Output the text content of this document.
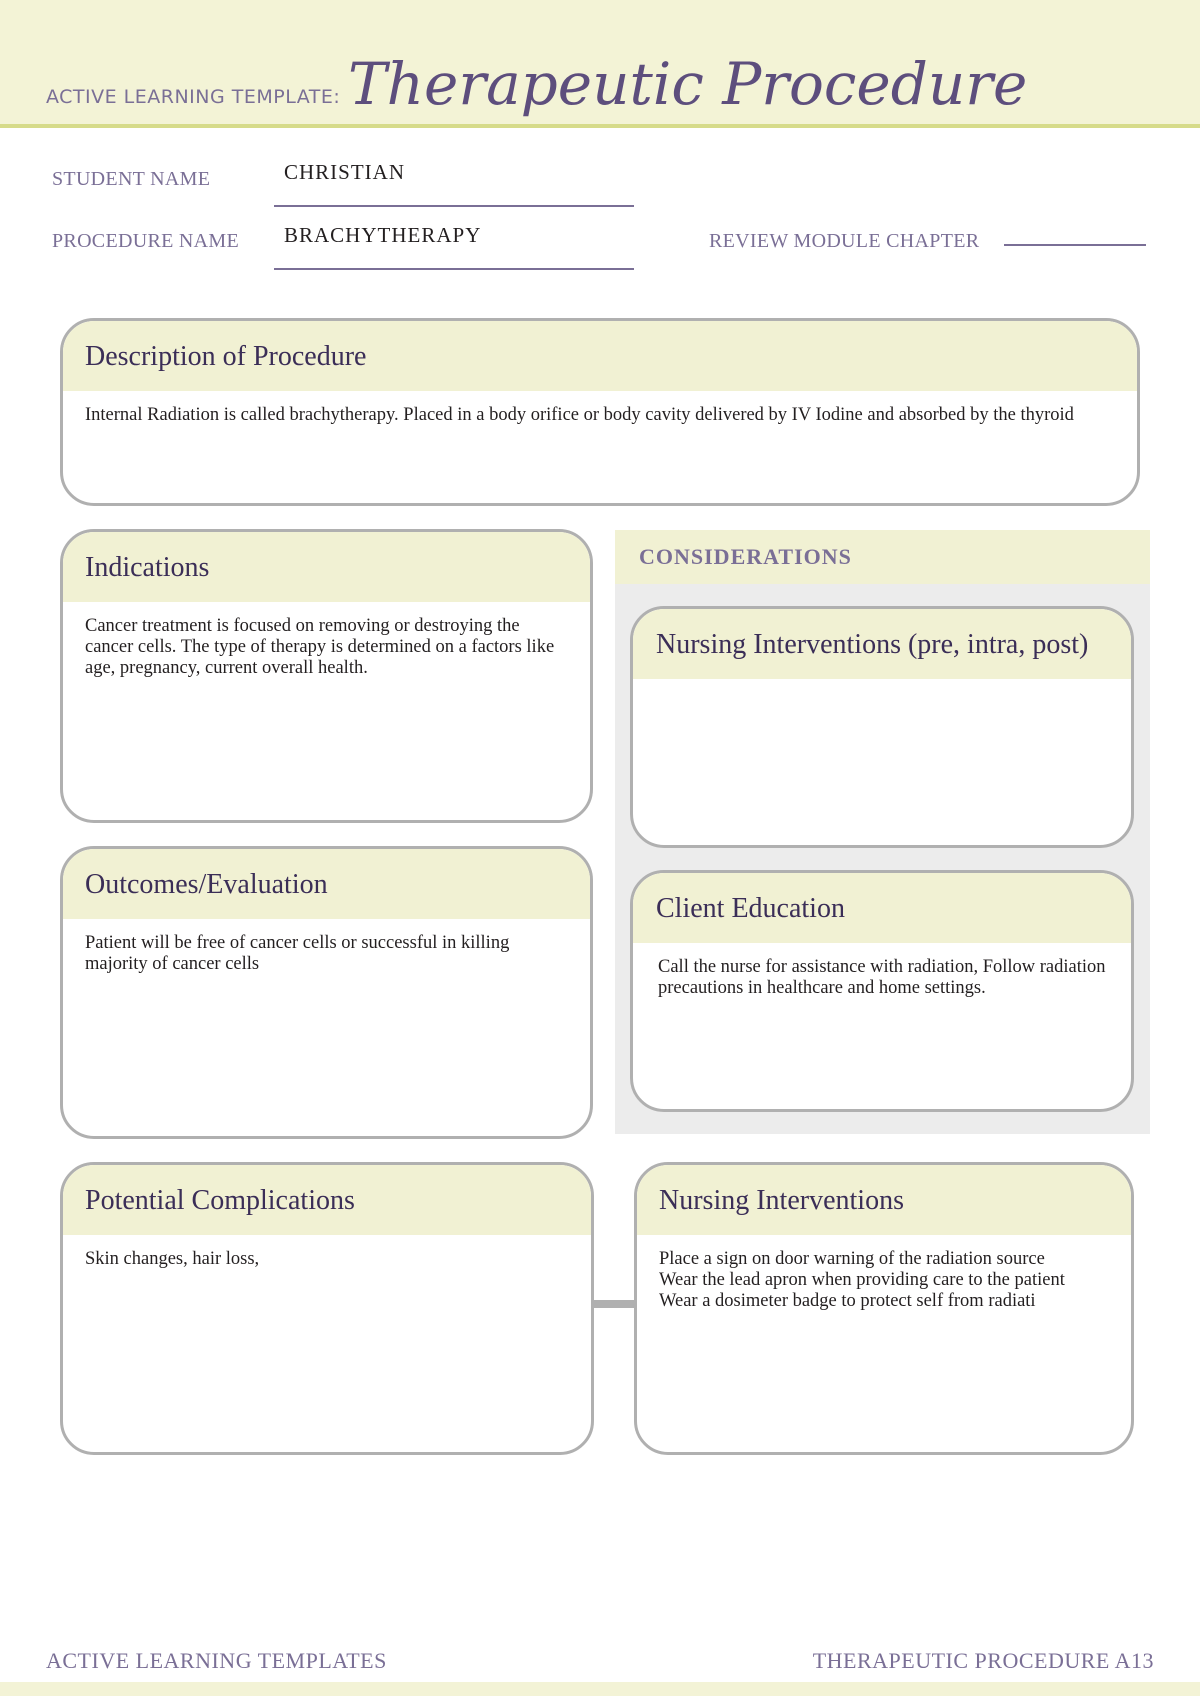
ACTIVE LEARNING TEMPLATE: Therapeutic Procedure
STUDENT NAME	CHRISTIAN
PROCEDURE NAME BRACHYTHERAPY	REVIEW MODULE CHAPTER
Description of Procedure
Internal Radiation is called brachytherapy. Placed in a body orifice or body cavity delivered by IV Iodine and absorbed by the thyroid
Indications
Cancer treatment is focused on removing or destroying the cancer cells. The type of therapy is determined on a factors like age, pregnancy, current overall health.
Outcomes/Evaluation
Patient will be free of cancer cells or successful in killing majority of cancer cells
CONSIDERATIONS
Nursing Interventions (pre, intra, post)
Client Education
Call the nurse for assistance with radiation, Follow radiation precautions in healthcare and home settings.
Potential Complications
Skin changes, hair loss,
Nursing Interventions
Place a sign on door warning of the radiation source
Wear the lead apron when providing care to the patient
Wear a dosimeter badge to protect self from radiati
ACTIVE LEARNING TEMPLATES	THERAPEUTIC PROCEDURE A13
